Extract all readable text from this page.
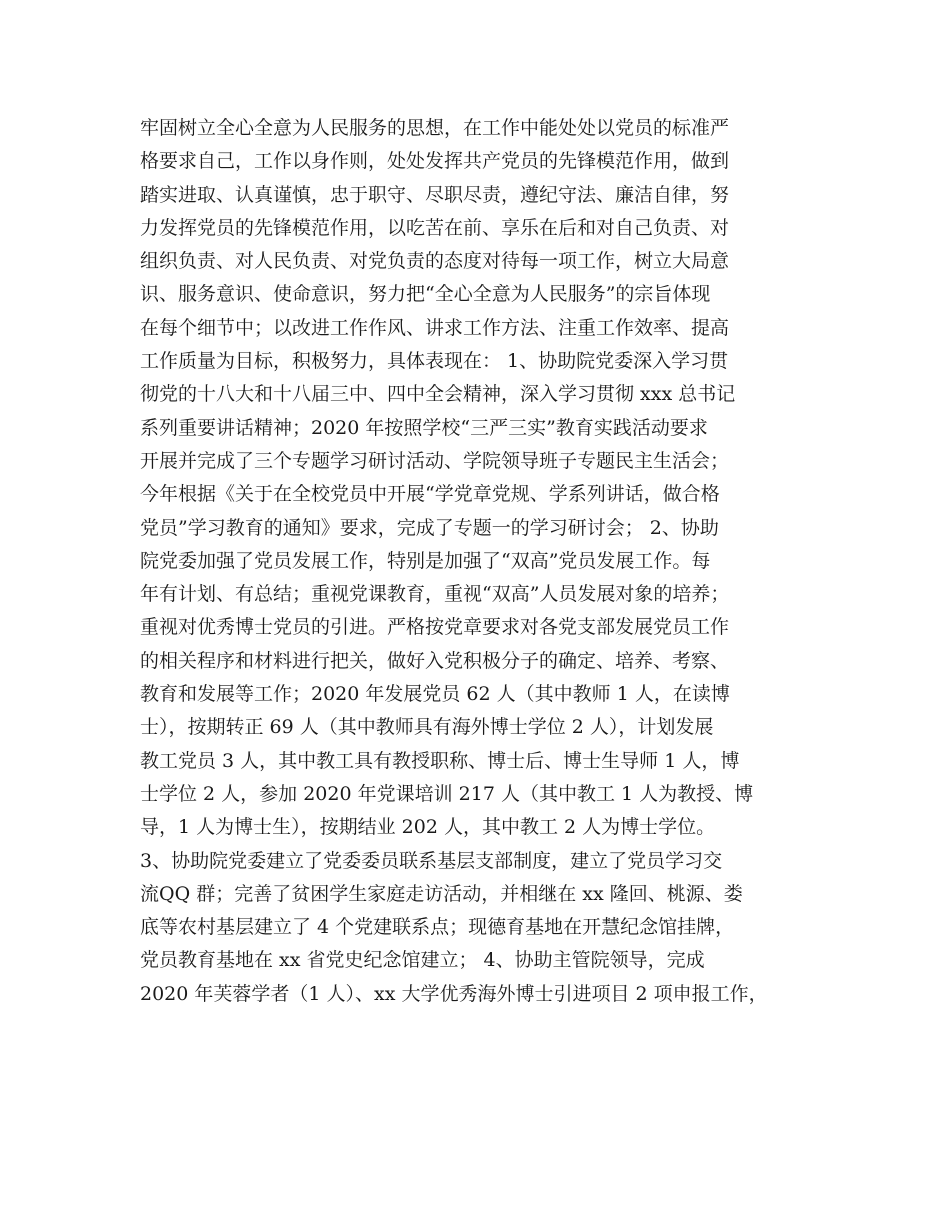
牢固树立全心全意为人民服务的思想，在工作中能处处以党员的标准严
格要求自己，工作以身作则，处处发挥共产党员的先锋模范作用，做到
踏实进取、认真谨慎，忠于职守、尽职尽责，遵纪守法、廉洁自律，努
力发挥党员的先锋模范作用，以吃苦在前、享乐在后和对自己负责、对
组织负责、对人民负责、对党负责的态度对待每一项工作，树立大局意
识、服务意识、使命意识，努力把“全心全意为人民服务”的宗旨体现
在每个细节中；以改进工作作风、讲求工作方法、注重工作效率、提高
工作质量为目标，积极努力，具体表现在： 1、协助院党委深入学习贯
彻党的十八大和十八届三中、四中全会精神，深入学习贯彻 xxx 总书记
系列重要讲话精神；2020 年按照学校“三严三实”教育实践活动要求
开展并完成了三个专题学习研讨活动、学院领导班子专题民主生活会；
今年根据《关于在全校党员中开展“学党章党规、学系列讲话，做合格
党员”学习教育的通知》要求，完成了专题一的学习研讨会； 2、协助
院党委加强了党员发展工作，特别是加强了“双高”党员发展工作。每
年有计划、有总结；重视党课教育，重视“双高”人员发展对象的培养；
重视对优秀博士党员的引进。严格按党章要求对各党支部发展党员工作
的相关程序和材料进行把关，做好入党积极分子的确定、培养、考察、
教育和发展等工作；2020 年发展党员 62 人（其中教师 1 人，在读博
士），按期转正 69 人（其中教师具有海外博士学位 2 人），计划发展
教工党员 3 人，其中教工具有教授职称、博士后、博士生导师 1 人，博
士学位 2 人，参加 2020 年党课培训 217 人（其中教工 1 人为教授、博
导，1 人为博士生），按期结业 202 人，其中教工 2 人为博士学位。
3、协助院党委建立了党委委员联系基层支部制度，建立了党员学习交
流QQ 群；完善了贫困学生家庭走访活动，并相继在 xx 隆回、桃源、娄
底等农村基层建立了 4 个党建联系点；现德育基地在开慧纪念馆挂牌，
党员教育基地在 xx 省党史纪念馆建立； 4、协助主管院领导，完成
2020 年芙蓉学者（1 人）、xx 大学优秀海外博士引进项目 2 项申报工作，
